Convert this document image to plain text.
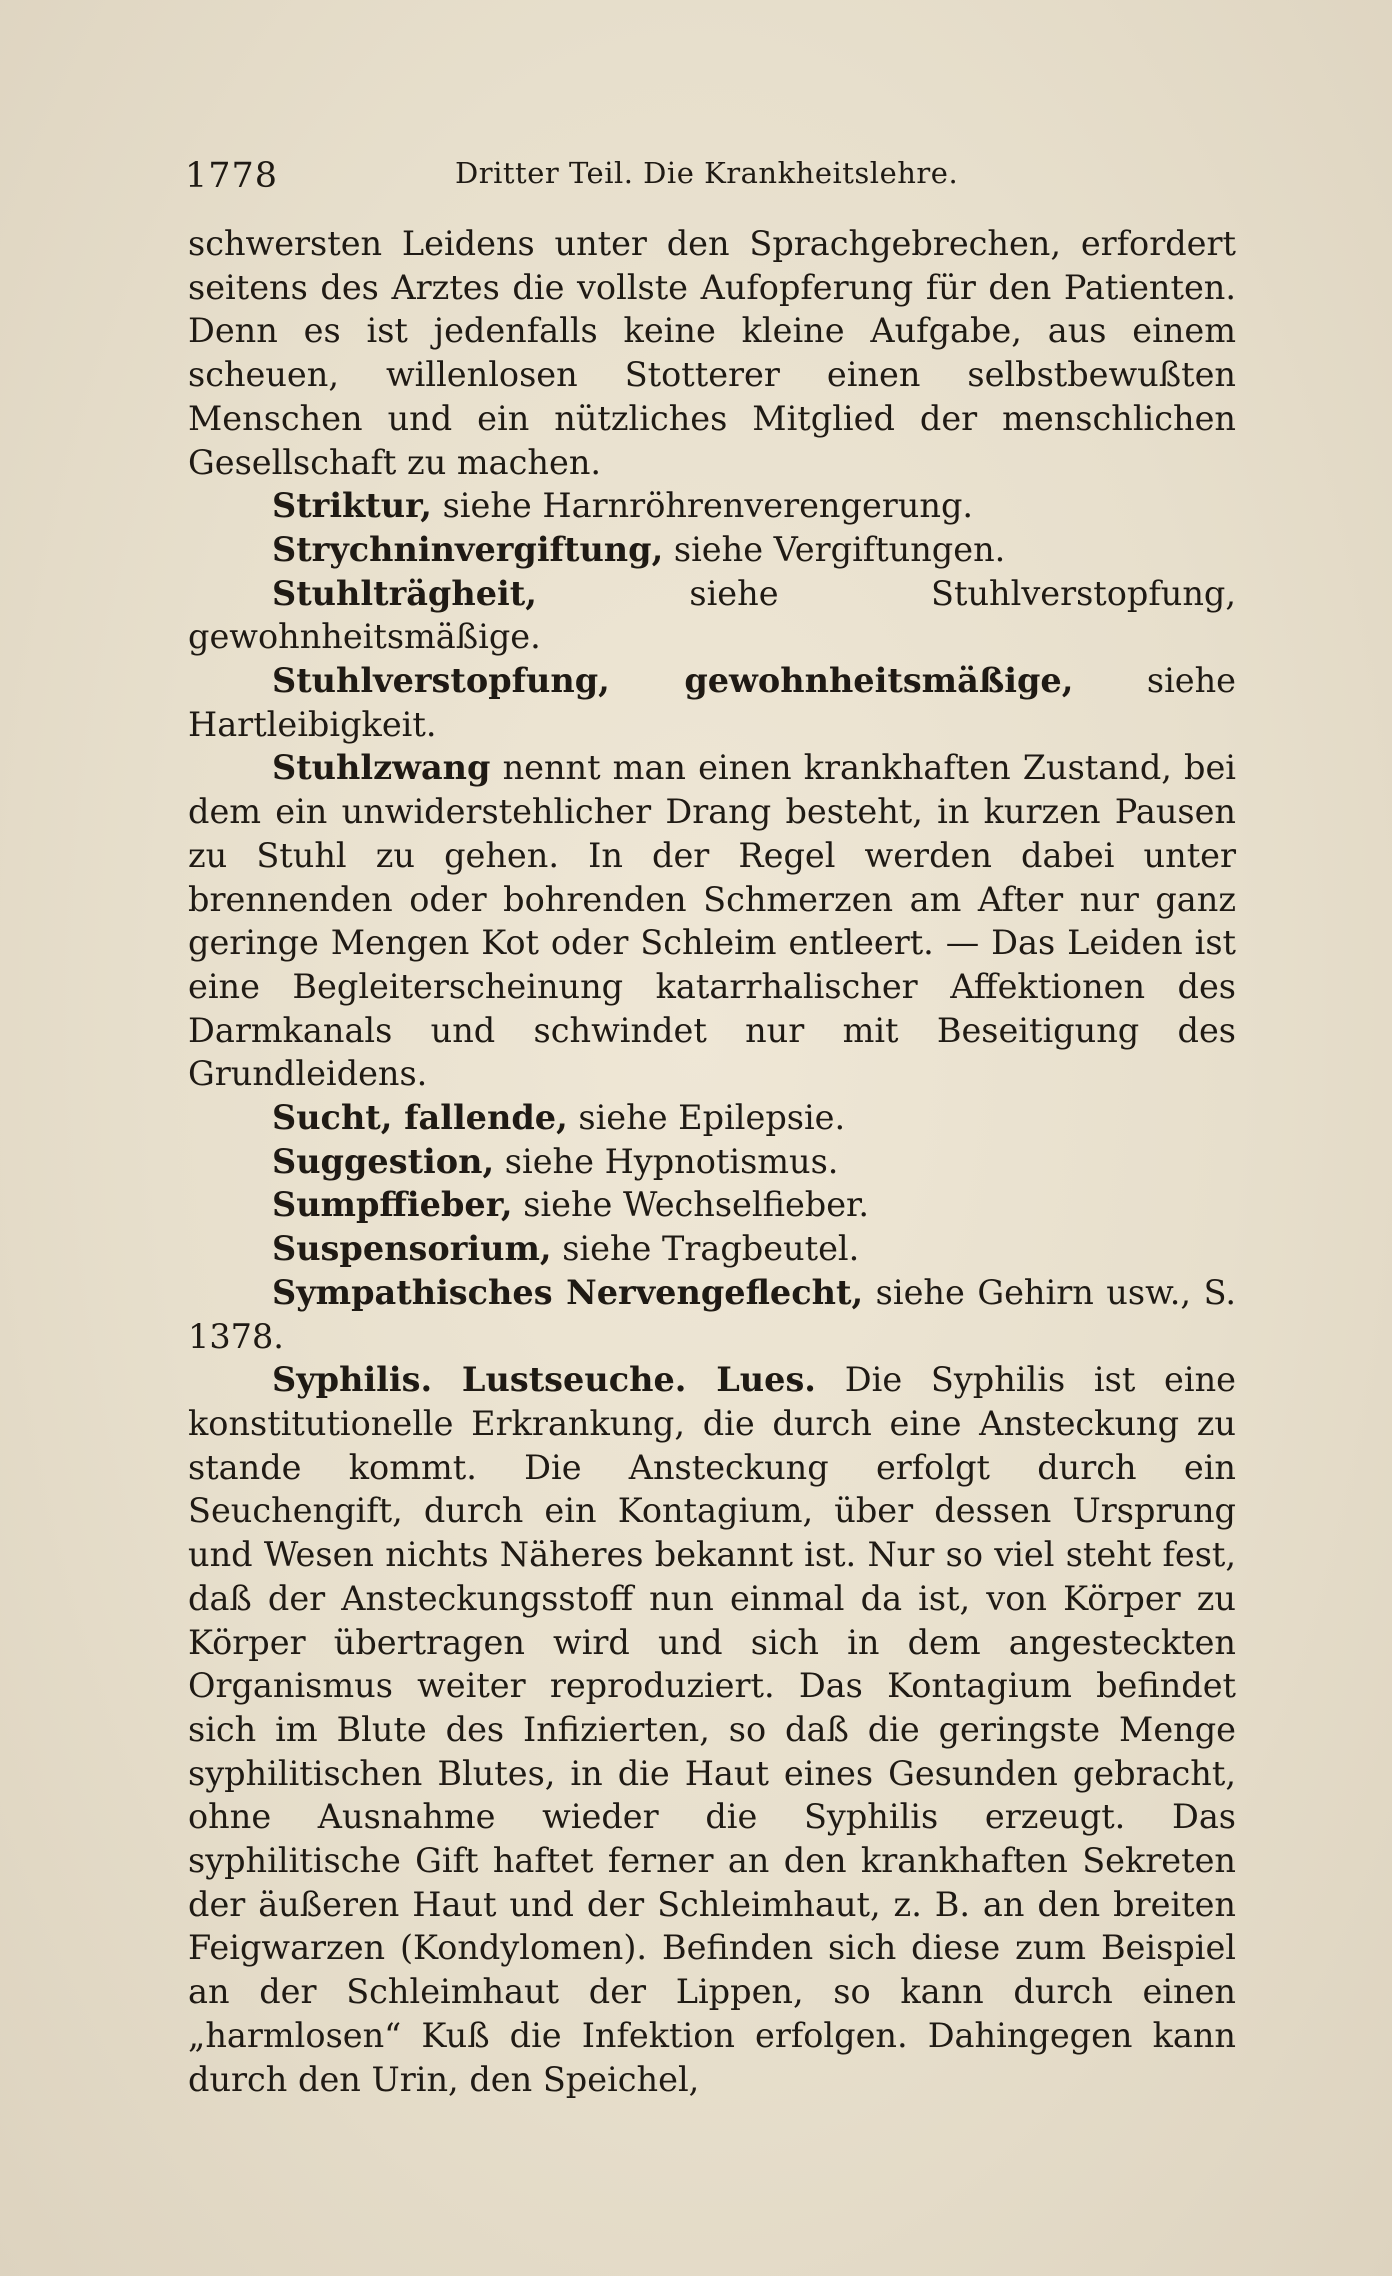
1778	Dritter Teil. Die Krankheitslehre.

schwersten Leidens unter den Sprachgebrechen, erfordert seitens des Arztes die vollste Aufopferung für den Patienten. Denn es ist jedenfalls keine kleine Aufgabe, aus einem scheuen, willenlosen Stotterer einen selbstbewußten Menschen und ein nützliches Mitglied der menschlichen Gesellschaft zu machen.

Striktur, siehe Harnröhrenverengerung.

Strychninvergiftung, siehe Vergiftungen.

Stuhlträgheit, siehe Stuhlverstopfung, gewohnheitsmäßige.

Stuhlverstopfung, gewohnheitsmäßige, siehe Hartleibigkeit.

Stuhlzwang nennt man einen krankhaften Zustand, bei dem ein unwiderstehlicher Drang besteht, in kurzen Pausen zu Stuhl zu gehen. In der Regel werden dabei unter brennenden oder bohrenden Schmerzen am After nur ganz geringe Mengen Kot oder Schleim entleert. — Das Leiden ist eine Begleiterscheinung katarrhalischer Affektionen des Darmkanals und schwindet nur mit Beseitigung des Grundleidens.

Sucht, fallende, siehe Epilepsie.

Suggestion, siehe Hypnotismus.

Sumpffieber, siehe Wechselfieber.

Suspensorium, siehe Tragbeutel.

Sympathisches Nervengeflecht, siehe Gehirn usw., S. 1378.

Syphilis. Lustseuche. Lues. Die Syphilis ist eine konstitutionelle Erkrankung, die durch eine Ansteckung zu stande kommt. Die Ansteckung erfolgt durch ein Seuchengift, durch ein Kontagium, über dessen Ursprung und Wesen nichts Näheres bekannt ist. Nur so viel steht fest, daß der Ansteckungsstoff nun einmal da ist, von Körper zu Körper übertragen wird und sich in dem angesteckten Organismus weiter reproduziert. Das Kontagium befindet sich im Blute des Infizierten, so daß die geringste Menge syphilitischen Blutes, in die Haut eines Gesunden gebracht, ohne Ausnahme wieder die Syphilis erzeugt. Das syphilitische Gift haftet ferner an den krankhaften Sekreten der äußeren Haut und der Schleimhaut, z. B. an den breiten Feigwarzen (Kondylomen). Befinden sich diese zum Beispiel an der Schleimhaut der Lippen, so kann durch einen „harmlosen“ Kuß die Infektion erfolgen. Dahingegen kann durch den Urin, den Speichel,
